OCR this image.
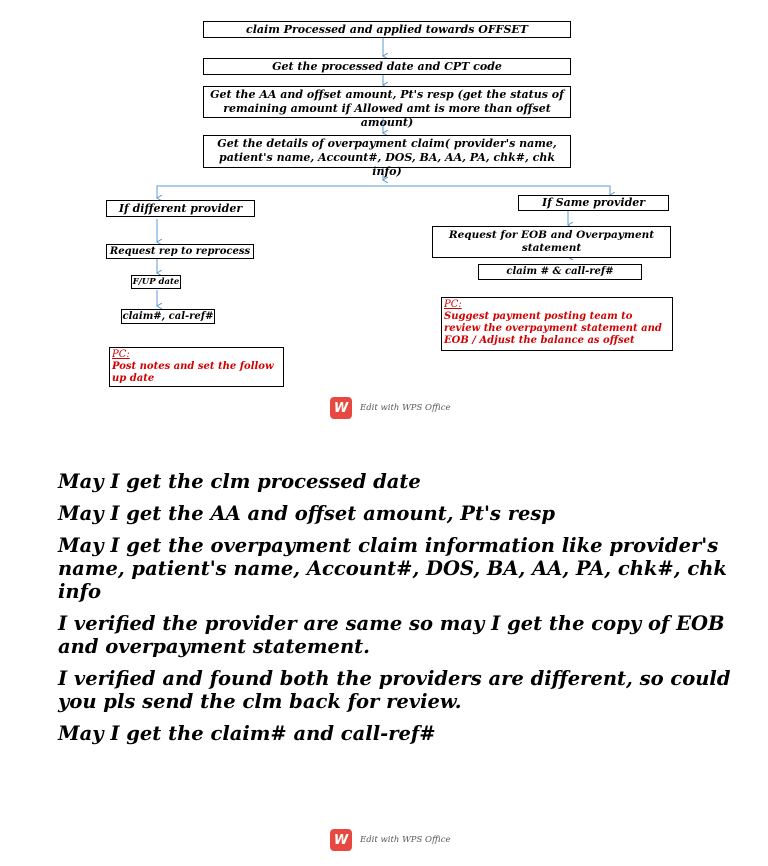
claim Processed and applied towards OFFSET
Get the processed date and CPT code
Get the AA and offset amount, Pt's resp (get the status of
remaining amount if Allowed amt is more than offset amount)
Get the details of overpayment claim( provider's name,
patient's name, Account#, DOS, BA, AA, PA, chk#, chk info)
If different provider
Request rep to reprocess
F/UP date
claim#, cal-ref#
PC:
Post notes and set the follow up date
If Same provider
Request for EOB and Overpayment
statement
claim # & call-ref#
PC:
Suggest payment posting team to review the overpayment statement and EOB / Adjust the balance as offset
W	Edit with WPS Office

May I get the clm processed date

May I get the AA and offset amount, Pt's resp

May I get the overpayment claim information like provider's name, patient's name, Account#, DOS, BA, AA, PA, chk#, chk info

I verified the provider are same so may I get the copy of EOB and overpayment statement.

I verified and found both the providers are different, so could you pls send the clm back for review.

May I get the claim# and call-ref#

W	Edit with WPS Office
